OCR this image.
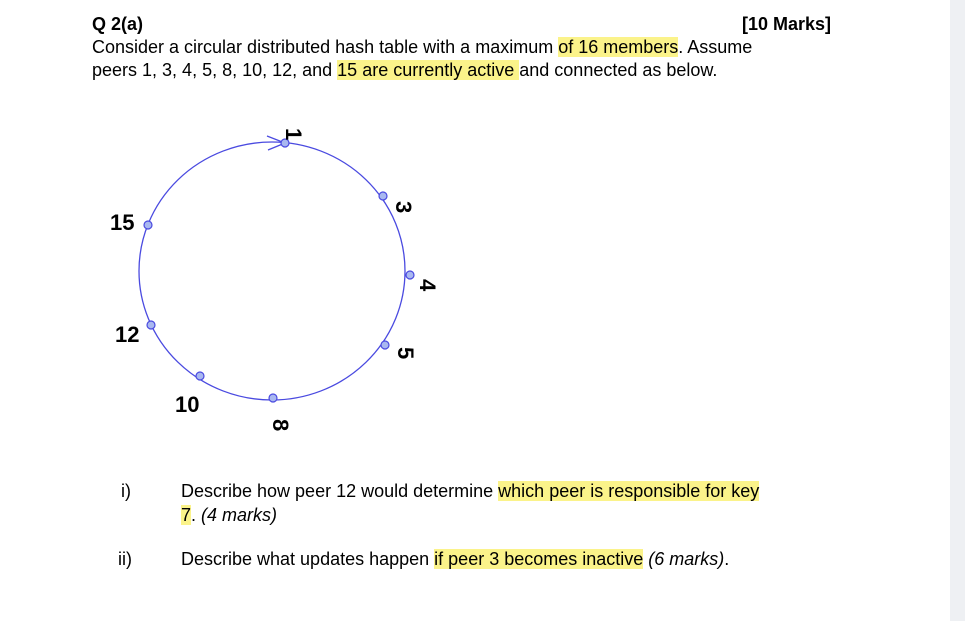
Q 2(a)	[10 Marks]
Consider a circular distributed hash table with a maximum of 16 members. Assume
peers 1, 3, 4, 5, 8, 10, 12, and 15 are currently active and connected as below.
1
3
4
5
8
10
12
15
i)	Describe how peer 12 would determine which peer is responsible for key
7. (4 marks)
ii)	Describe what updates happen if peer 3 becomes inactive (6 marks).
